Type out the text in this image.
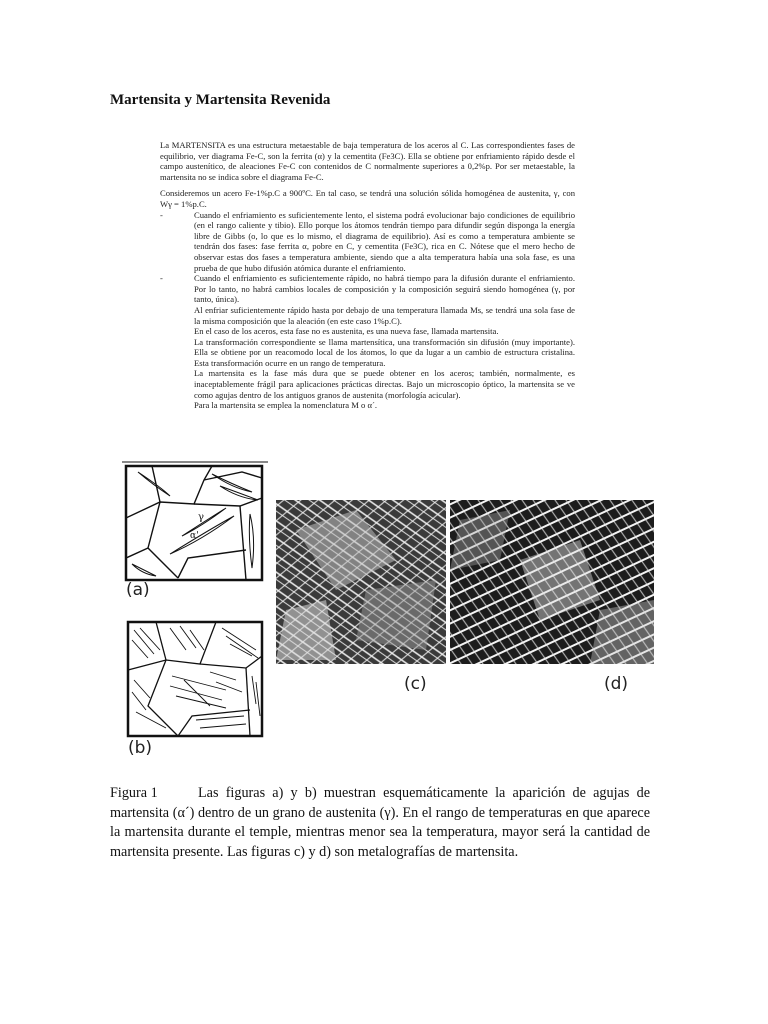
Martensita y Martensita Revenida

La MARTENSITA es una estructura metaestable de baja temperatura de los aceros al C. Las correspondientes fases de equilibrio, ver diagrama Fe-C, son la ferrita (α) y la cementita (Fe3C). Ella se obtiene por enfriamiento rápido desde el campo austenítico, de aleaciones Fe-C con contenidos de C normalmente superiores a 0,2%p. Por ser metaestable, la martensita no se indica sobre el diagrama Fe-C.

Consideremos un acero Fe-1%p.C a 900ºC. En tal caso, se tendrá una solución sólida homogénea de austenita, γ, con Wγ = 1%p.C.

-	Cuando el enfriamiento es suficientemente lento, el sistema podrá evolucionar bajo condiciones de equilibrio (en el rango caliente y tibio). Ello porque los átomos tendrán tiempo para difundir según disponga la energía libre de Gibbs (o, lo que es lo mismo, el diagrama de equilibrio). Así es como a temperatura ambiente se tendrán dos fases: fase ferrita α, pobre en C, y cementita (Fe3C), rica en C. Nótese que el mero hecho de observar estas dos fases a temperatura ambiente, siendo que a alta temperatura había una sola fase, es una prueba de que hubo difusión atómica durante el enfriamiento.
-	Cuando el enfriamiento es suficientemente rápido, no habrá tiempo para la difusión durante el enfriamiento. Por lo tanto, no habrá cambios locales de composición y la composición seguirá siendo homogénea (γ, por tanto, única).
Al enfriar suficientemente rápido hasta por debajo de una temperatura llamada Ms, se tendrá una sola fase de la misma composición que la aleación (en este caso 1%p.C).
En el caso de los aceros, esta fase no es austenita, es una nueva fase, llamada martensita.
La transformación correspondiente se llama martensítica, una transformación sin difusión (muy importante). Ella se obtiene por un reacomodo local de los átomos, lo que da lugar a un cambio de estructura cristalina. Esta transformación ocurre en un rango de temperatura.
La martensita es la fase más dura que se puede obtener en los aceros; también, normalmente, es inaceptablemente frágil para aplicaciones prácticas directas. Bajo un microscopio óptico, la martensita se ve como agujas dentro de los antiguos granos de austenita (morfología acicular).
Para la martensita se emplea la nomenclatura M o α´.
γ
α'
(a)
(b)
(c)	(d)
Figura 1	Las figuras a) y b) muestran esquemáticamente la aparición de agujas de martensita (α´) dentro de un grano de austenita (γ). En el rango de temperaturas en que aparece la martensita durante el temple, mientras menor sea la temperatura, mayor será la cantidad de martensita presente. Las figuras c) y d) son metalografías de martensita.
